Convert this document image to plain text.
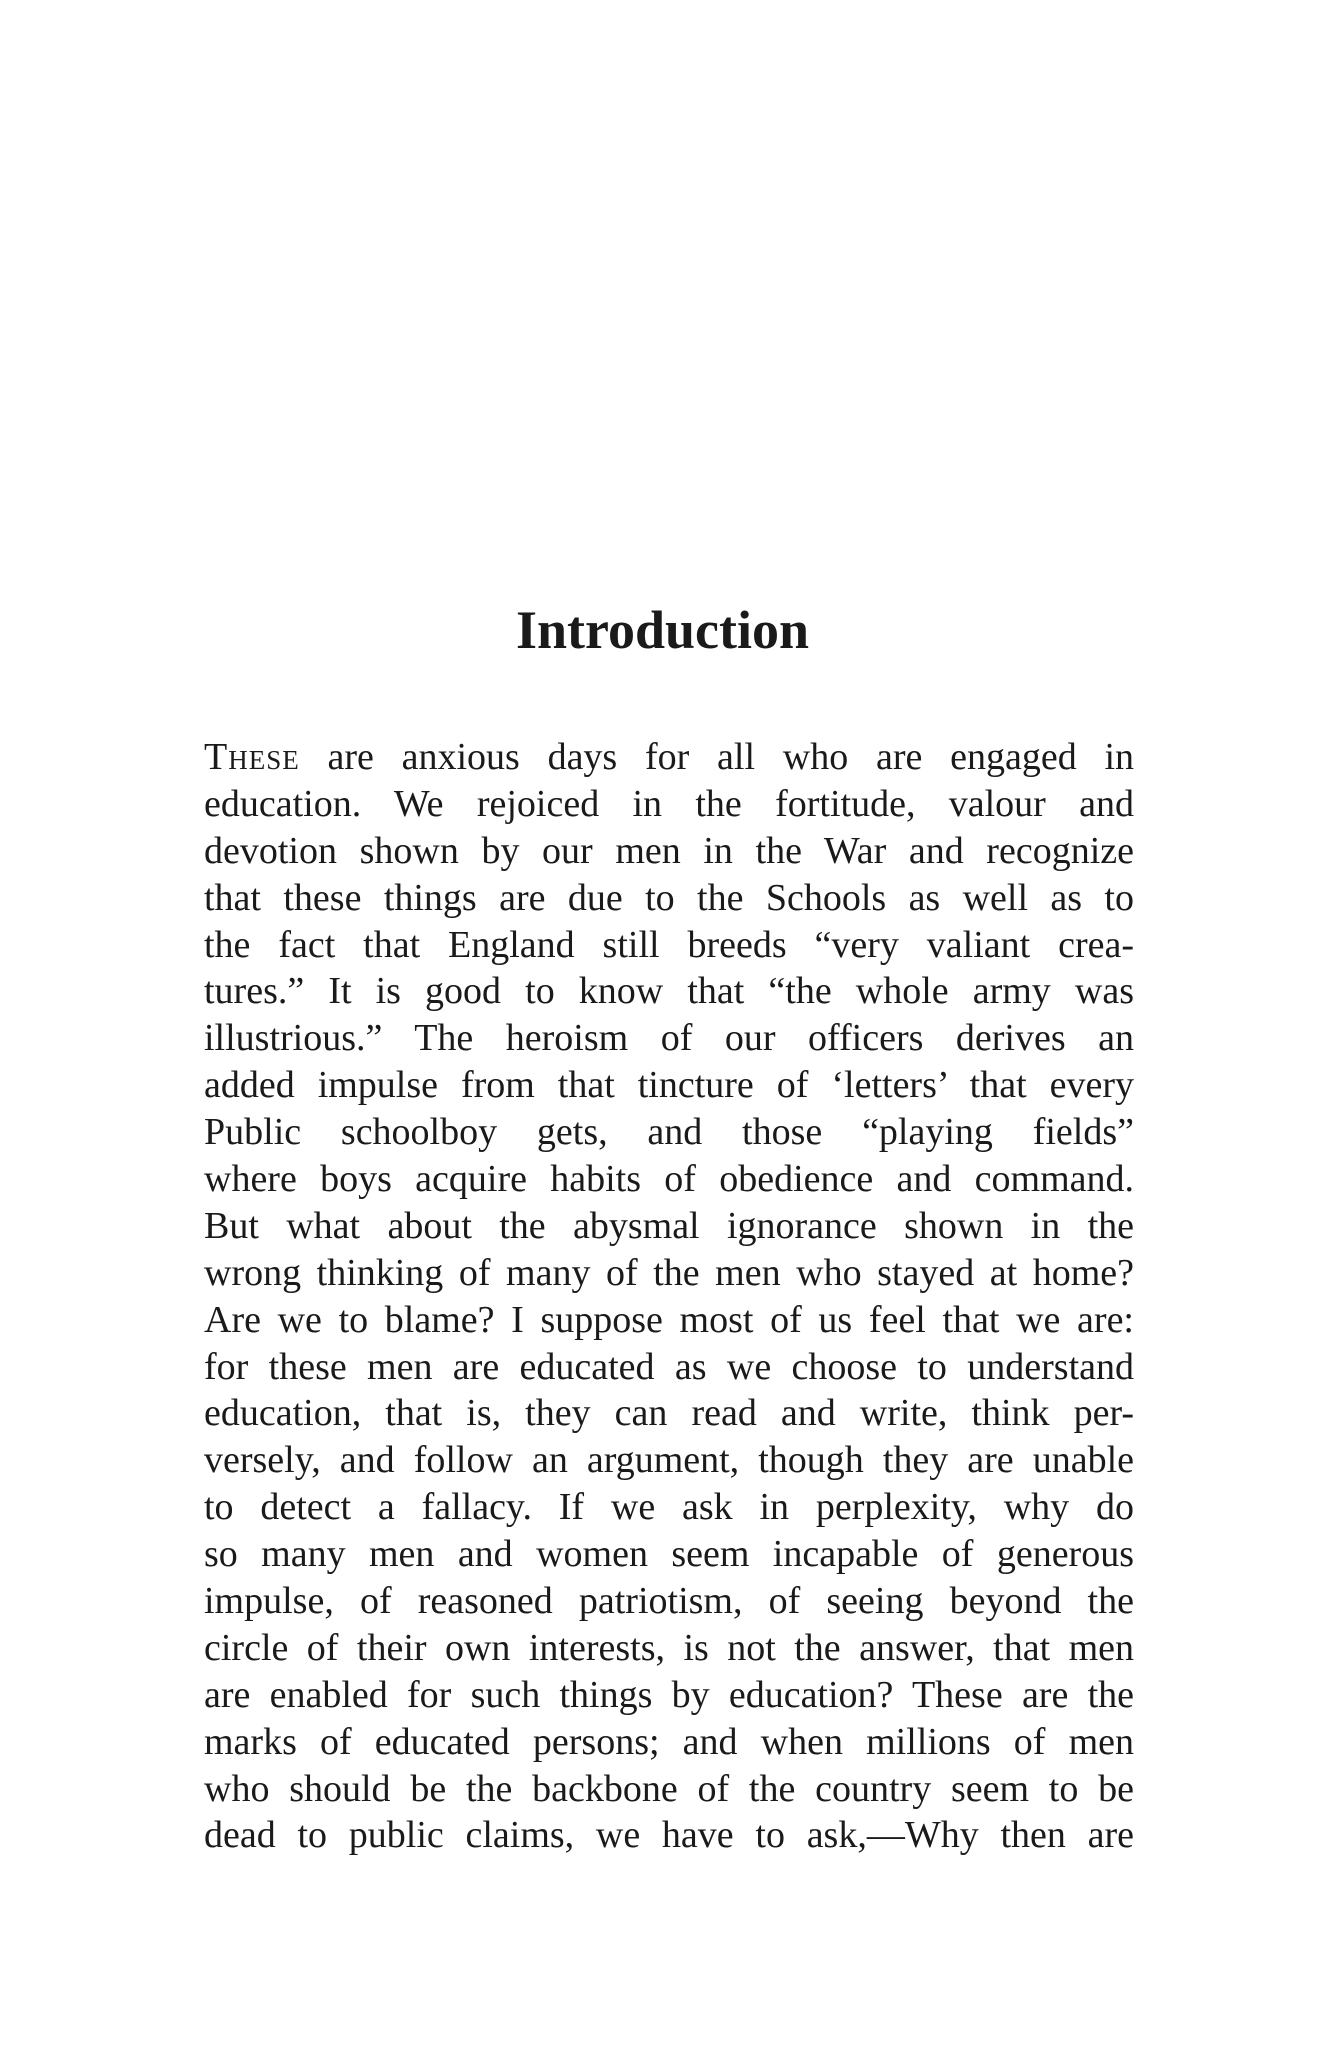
Introduction
These are anxious days for all who are engaged in
education. We rejoiced in the fortitude, valour and
devotion shown by our men in the War and recognize
that these things are due to the Schools as well as to
the fact that England still breeds “very valiant crea-
tures.” It is good to know that “the whole army was
illustrious.” The heroism of our officers derives an
added impulse from that tincture of ‘letters’ that every
Public schoolboy gets, and those “playing fields”
where boys acquire habits of obedience and command.
But what about the abysmal ignorance shown in the
wrong thinking of many of the men who stayed at home?
Are we to blame? I suppose most of us feel that we are:
for these men are educated as we choose to understand
education, that is, they can read and write, think per-
versely, and follow an argument, though they are unable
to detect a fallacy. If we ask in perplexity, why do
so many men and women seem incapable of generous
impulse, of reasoned patriotism, of seeing beyond the
circle of their own interests, is not the answer, that men
are enabled for such things by education? These are the
marks of educated persons; and when millions of men
who should be the backbone of the country seem to be
dead to public claims, we have to ask,—Why then are
